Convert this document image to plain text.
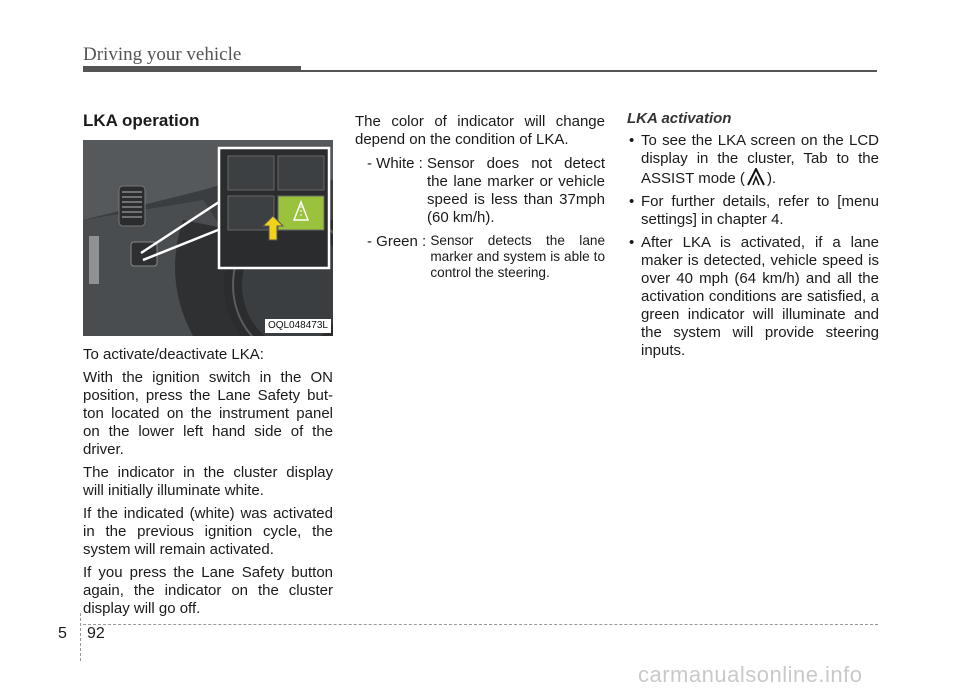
Driving your vehicle
LKA operation
OQL048473L

To activate/deactivate LKA:

With the ignition switch in the ON position, press the Lane Safety but-ton located on the instrument panel on the lower left hand side of the driver.

The indicator in the cluster display will initially illuminate white.

If the indicated (white) was activated in the previous ignition cycle, the system will remain activated.

If you press the Lane Safety button again, the indicator on the cluster display will go off.

The color of indicator will change depend on the condition of LKA.

- White : Sensor does not detect the lane marker or vehicle speed is less than 37mph (60 km/h).
- Green : Sensor detects the lane marker and system is able to control the steering.
LKA activation
• To see the LKA screen on the LCD display in the cluster, Tab to the ASSIST mode ( ).
• For further details, refer to [menu settings] in chapter 4.
• After LKA is activated, if a lane maker is detected, vehicle speed is over 40 mph (64 km/h) and all the activation conditions are satisfied, a green indicator will illuminate and the system will provide steering inputs.
5 92
carmanualsonline.info
